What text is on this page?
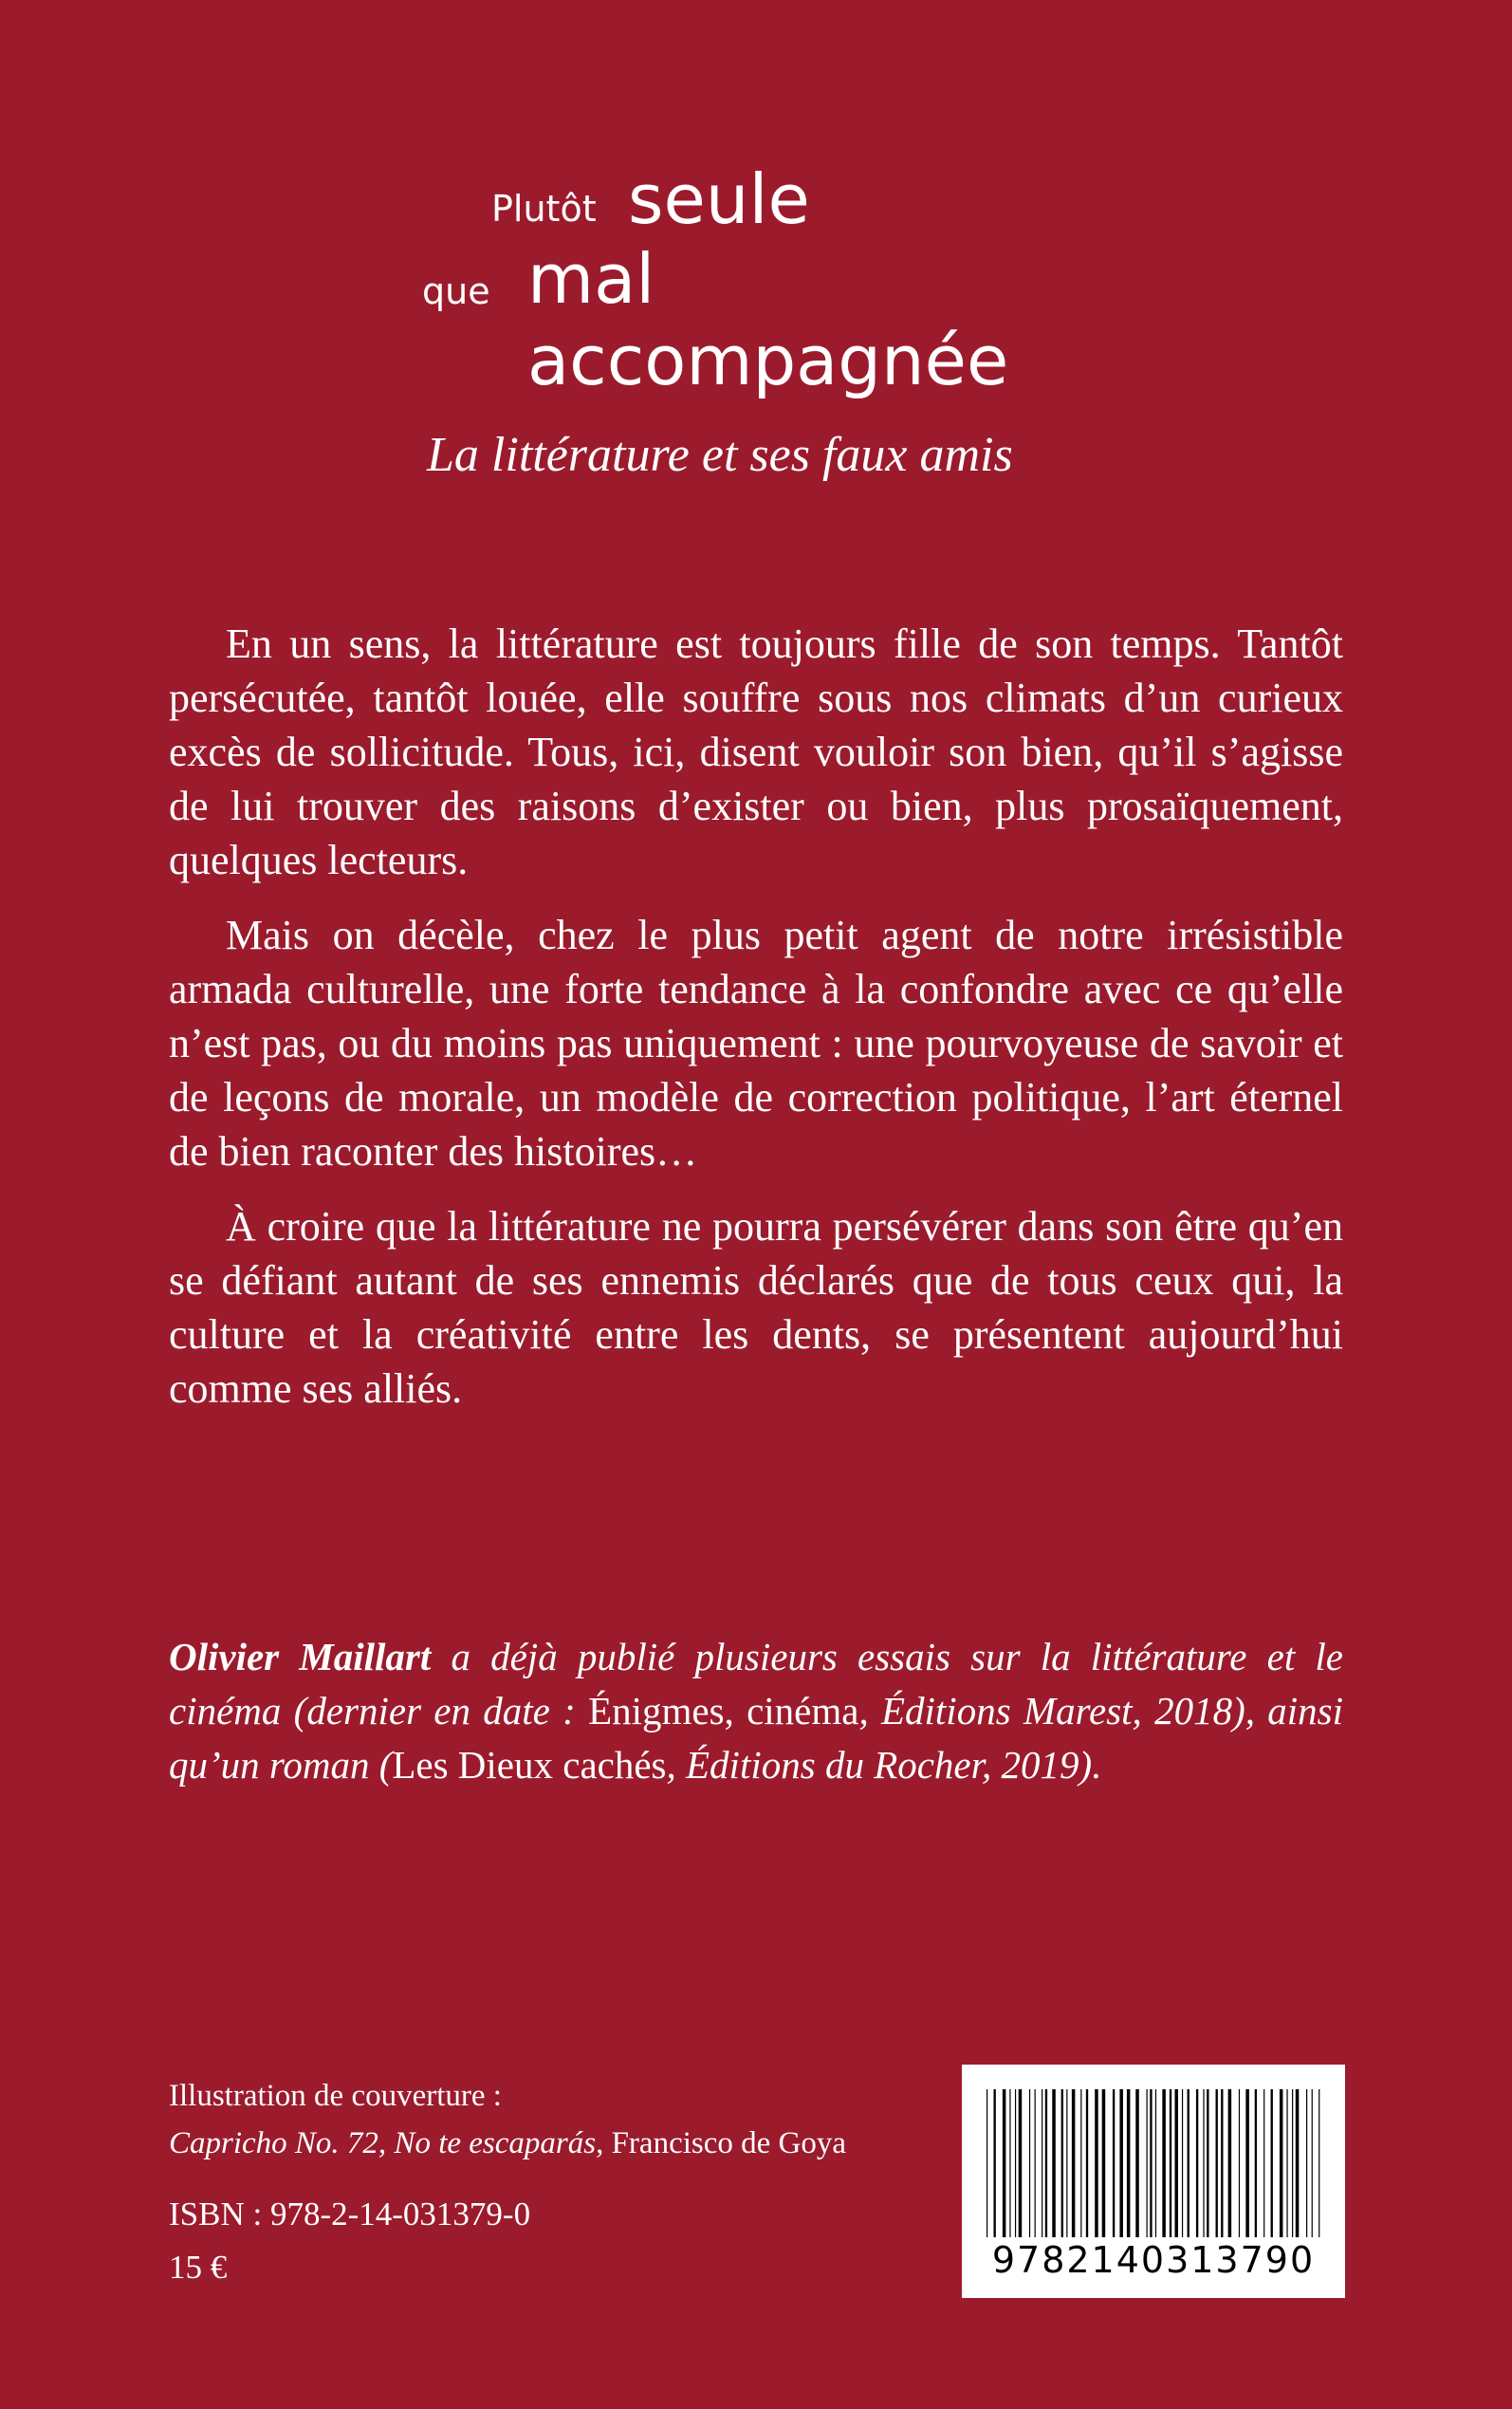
Plutôt seule
que mal
accompagnée
La littérature et ses faux amis

En un sens, la littérature est toujours fille de son temps. Tantôt persécutée, tantôt louée, elle souffre sous nos climats d’un curieux excès de sollicitude. Tous, ici, disent vouloir son bien, qu’il s’agisse de lui trouver des raisons d’exister ou bien, plus prosaïquement, quelques lecteurs.

Mais on décèle, chez le plus petit agent de notre irrésistible armada culturelle, une forte tendance à la confondre avec ce qu’elle n’est pas, ou du moins pas uniquement : une pourvoyeuse de savoir et de leçons de morale, un modèle de correction politique, l’art éternel de bien raconter des histoires…

À croire que la littérature ne pourra persévérer dans son être qu’en se défiant autant de ses ennemis déclarés que de tous ceux qui, la culture et la créativité entre les dents, se présentent aujourd’hui comme ses alliés.

Olivier Maillart a déjà publié plusieurs essais sur la littérature et le cinéma (dernier en date : Énigmes, cinéma, Éditions Marest, 2018), ainsi qu’un roman (Les Dieux cachés, Éditions du Rocher, 2019).
Illustration de couverture :
Capricho No. 72, No te escaparás, Francisco de Goya
ISBN : 978-2-14-031379-0
15 €	9782140313790
